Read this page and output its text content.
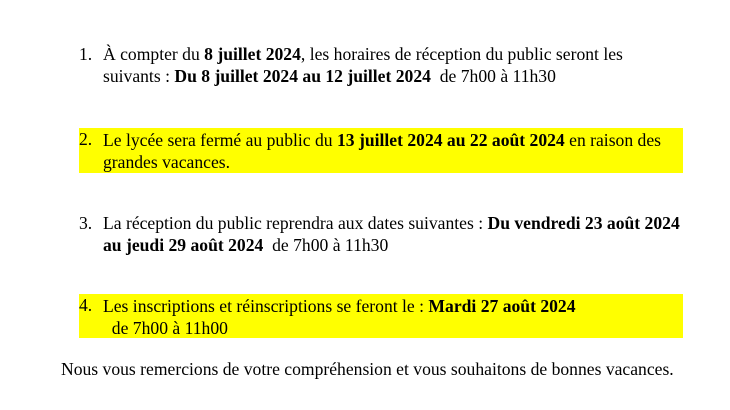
1. À compter du 8 juillet 2024, les horaires de réception du public seront les suivants : Du 8 juillet 2024 au 12 juillet 2024  de 7h00 à 11h30
2. Le lycée sera fermé au public du 13 juillet 2024 au 22 août 2024 en raison des grandes vacances.
3. La réception du public reprendra aux dates suivantes : Du vendredi 23 août 2024 au jeudi 29 août 2024  de 7h00 à 11h30
4. Les inscriptions et réinscriptions se feront le : Mardi 27 août 2024  de 7h00 à 11h00
Nous vous remercions de votre compréhension et vous souhaitons de bonnes vacances.
